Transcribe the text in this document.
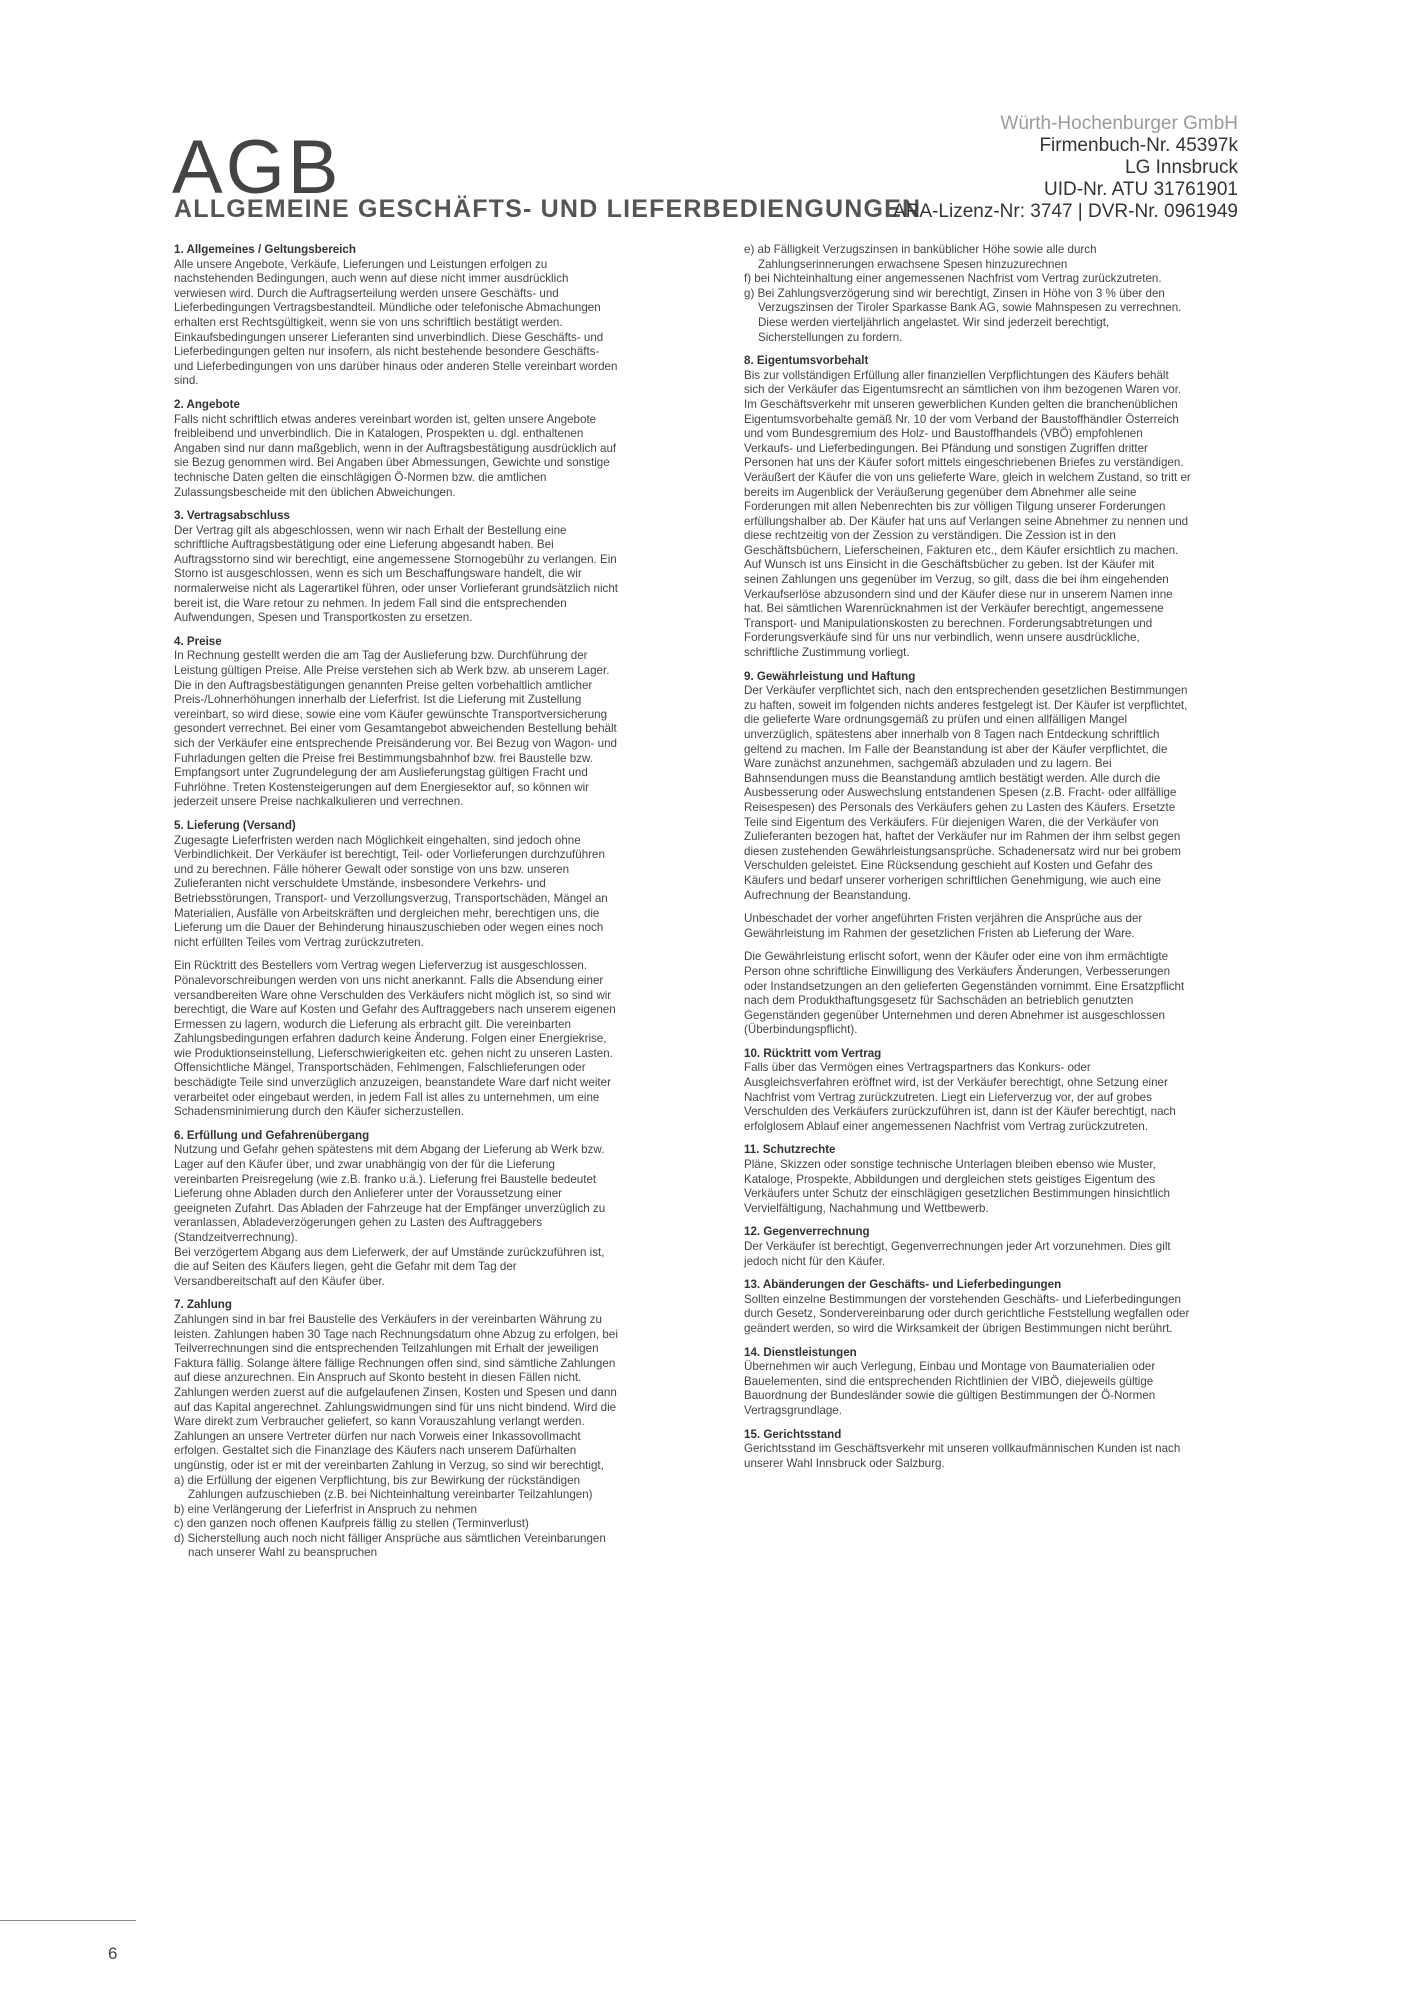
AGB
ALLGEMEINE GESCHÄFTS- UND LIEFERBEDIENGUNGEN
Würth-Hochenburger GmbH
Firmenbuch-Nr. 45397k
LG Innsbruck
UID-Nr. ATU 31761901
ARA-Lizenz-Nr: 3747 | DVR-Nr. 0961949
1. Allgemeines / Geltungsbereich

Alle unsere Angebote, Verkäufe, Lieferungen und Leistungen erfolgen zu nachstehenden Bedingungen, auch wenn auf diese nicht immer ausdrücklich verwiesen wird. Durch die Auftragserteilung werden unsere Geschäfts- und Lieferbedingungen Vertragsbestandteil. Mündliche oder telefonische Abmachungen erhalten erst Rechtsgültigkeit, wenn sie von uns schriftlich bestätigt werden. Einkaufsbedingungen unserer Lieferanten sind unverbindlich. Diese Geschäfts- und Lieferbedingungen gelten nur insofern, als nicht bestehende besondere Geschäfts- und Lieferbedingungen von uns darüber hinaus oder anderen Stelle vereinbart worden sind.

2. Angebote

Falls nicht schriftlich etwas anderes vereinbart worden ist, gelten unsere Angebote freibleibend und unverbindlich. Die in Katalogen, Prospekten u. dgl. enthaltenen Angaben sind nur dann maßgeblich, wenn in der Auftragsbestätigung ausdrücklich auf sie Bezug genommen wird. Bei Angaben über Abmessungen, Gewichte und sonstige technische Daten gelten die einschlägigen Ö-Normen bzw. die amtlichen Zulassungsbescheide mit den üblichen Abweichungen.

3. Vertragsabschluss

Der Vertrag gilt als abgeschlossen, wenn wir nach Erhalt der Bestellung eine schriftliche Auftragsbestätigung oder eine Lieferung abgesandt haben. Bei Auftragsstorno sind wir berechtigt, eine angemessene Stornogebühr zu verlangen. Ein Storno ist ausgeschlossen, wenn es sich um Beschaffungsware handelt, die wir normalerweise nicht als Lagerartikel führen, oder unser Vorlieferant grundsätzlich nicht bereit ist, die Ware retour zu nehmen. In jedem Fall sind die entsprechenden Aufwendungen, Spesen und Transportkosten zu ersetzen.

4. Preise

In Rechnung gestellt werden die am Tag der Auslieferung bzw. Durchführung der Leistung gültigen Preise. Alle Preise verstehen sich ab Werk bzw. ab unserem Lager. Die in den Auftragsbestätigungen genannten Preise gelten vorbehaltlich amtlicher Preis-/Lohnerhöhungen innerhalb der Lieferfrist. Ist die Lieferung mit Zustellung vereinbart, so wird diese, sowie eine vom Käufer gewünschte Transportversicherung gesondert verrechnet. Bei einer vom Gesamtangebot abweichenden Bestellung behält sich der Verkäufer eine entsprechende Preisänderung vor. Bei Bezug von Wagon- und Fuhrladungen gelten die Preise frei Bestimmungsbahnhof bzw. frei Baustelle bzw. Empfangsort unter Zugrundelegung der am Auslieferungstag gültigen Fracht und Fuhrlöhne. Treten Kostensteigerungen auf dem Energiesektor auf, so können wir jederzeit unsere Preise nachkalkulieren und verrechnen.

5. Lieferung (Versand)

Zugesagte Lieferfristen werden nach Möglichkeit eingehalten, sind jedoch ohne Verbindlichkeit. Der Verkäufer ist berechtigt, Teil- oder Vorlieferungen durchzuführen und zu berechnen. Fälle höherer Gewalt oder sonstige von uns bzw. unseren Zulieferanten nicht verschuldete Umstände, insbesondere Verkehrs- und Betriebsstörungen, Transport- und Verzollungsverzug, Transportschäden, Mängel an Materialien, Ausfälle von Arbeitskräften und dergleichen mehr, berechtigen uns, die Lieferung um die Dauer der Behinderung hinauszuschieben oder wegen eines noch nicht erfüllten Teiles vom Vertrag zurückzutreten.

Ein Rücktritt des Bestellers vom Vertrag wegen Lieferverzug ist ausgeschlossen. Pönalevorschreibungen werden von uns nicht anerkannt. Falls die Absendung einer versandbereiten Ware ohne Verschulden des Verkäufers nicht möglich ist, so sind wir berechtigt, die Ware auf Kosten und Gefahr des Auftraggebers nach unserem eigenen Ermessen zu lagern, wodurch die Lieferung als erbracht gilt. Die vereinbarten Zahlungsbedingungen erfahren dadurch keine Änderung. Folgen einer Energiekrise, wie Produktionseinstellung, Lieferschwierigkeiten etc. gehen nicht zu unseren Lasten. Offensichtliche Mängel, Transportschäden, Fehlmengen, Falschlieferungen oder beschädigte Teile sind unverzüglich anzuzeigen, beanstandete Ware darf nicht weiter verarbeitet oder eingebaut werden, in jedem Fall ist alles zu unternehmen, um eine Schadensminimierung durch den Käufer sicherzustellen.

6. Erfüllung und Gefahrenübergang

Nutzung und Gefahr gehen spätestens mit dem Abgang der Lieferung ab Werk bzw. Lager auf den Käufer über, und zwar unabhängig von der für die Lieferung vereinbarten Preisregelung (wie z.B. franko u.ä.). Lieferung frei Baustelle bedeutet Lieferung ohne Abladen durch den Anlieferer unter der Voraussetzung einer geeigneten Zufahrt. Das Abladen der Fahrzeuge hat der Empfänger unverzüglich zu veranlassen, Abladeverzögerungen gehen zu Lasten des Auftraggebers (Standzeitverrechnung).

Bei verzögertem Abgang aus dem Lieferwerk, der auf Umstände zurückzuführen ist, die auf Seiten des Käufers liegen, geht die Gefahr mit dem Tag der Versandbereitschaft auf den Käufer über.

7. Zahlung

Zahlungen sind in bar frei Baustelle des Verkäufers in der vereinbarten Währung zu leisten. Zahlungen haben 30 Tage nach Rechnungsdatum ohne Abzug zu erfolgen, bei Teilverrechnungen sind die entsprechenden Teilzahlungen mit Erhalt der jeweiligen Faktura fällig. Solange ältere fällige Rechnungen offen sind, sind sämtliche Zahlungen auf diese anzurechnen. Ein Anspruch auf Skonto besteht in diesen Fällen nicht. Zahlungen werden zuerst auf die aufgelaufenen Zinsen, Kosten und Spesen und dann auf das Kapital angerechnet. Zahlungswidmungen sind für uns nicht bindend. Wird die Ware direkt zum Verbraucher geliefert, so kann Vorauszahlung verlangt werden. Zahlungen an unsere Vertreter dürfen nur nach Vorweis einer Inkassovollmacht erfolgen. Gestaltet sich die Finanzlage des Käufers nach unserem Dafürhalten ungünstig, oder ist er mit der vereinbarten Zahlung in Verzug, so sind wir berechtigt,

a) die Erfüllung der eigenen Verpflichtung, bis zur Bewirkung der rückständigen Zahlungen aufzuschieben (z.B. bei Nichteinhaltung vereinbarter Teilzahlungen)
b) eine Verlängerung der Lieferfrist in Anspruch zu nehmen
c) den ganzen noch offenen Kaufpreis fällig zu stellen (Terminverlust)
d) Sicherstellung auch noch nicht fälliger Ansprüche aus sämtlichen Vereinbarungen nach unserer Wahl zu beanspruchen
e) ab Fälligkeit Verzugszinsen in banküblicher Höhe sowie alle durch Zahlungserinnerungen erwachsene Spesen hinzuzurechnen
f) bei Nichteinhaltung einer angemessenen Nachfrist vom Vertrag zurückzutreten.
g) Bei Zahlungsverzögerung sind wir berechtigt, Zinsen in Höhe von 3 % über den Verzugszinsen der Tiroler Sparkasse Bank AG, sowie Mahnspesen zu verrechnen. Diese werden vierteljährlich angelastet. Wir sind jederzeit berechtigt, Sicherstellungen zu fordern.
8. Eigentumsvorbehalt

Bis zur vollständigen Erfüllung aller finanziellen Verpflichtungen des Käufers behält sich der Verkäufer das Eigentumsrecht an sämtlichen von ihm bezogenen Waren vor. Im Geschäftsverkehr mit unseren gewerblichen Kunden gelten die branchenüblichen Eigentumsvorbehalte gemäß Nr. 10 der vom Verband der Baustoffhändler Österreich und vom Bundesgremium des Holz- und Baustoffhandels (VBÖ) empfohlenen Verkaufs- und Lieferbedingungen. Bei Pfändung und sonstigen Zugriffen dritter Personen hat uns der Käufer sofort mittels eingeschriebenen Briefes zu verständigen. Veräußert der Käufer die von uns gelieferte Ware, gleich in welchem Zustand, so tritt er bereits im Augenblick der Veräußerung gegenüber dem Abnehmer alle seine Forderungen mit allen Nebenrechten bis zur völligen Tilgung unserer Forderungen erfüllungshalber ab. Der Käufer hat uns auf Verlangen seine Abnehmer zu nennen und diese rechtzeitig von der Zession zu verständigen. Die Zession ist in den Geschäftsbüchern, Lieferscheinen, Fakturen etc., dem Käufer ersichtlich zu machen. Auf Wunsch ist uns Einsicht in die Geschäftsbücher zu geben. Ist der Käufer mit seinen Zahlungen uns gegenüber im Verzug, so gilt, dass die bei ihm eingehenden Verkaufserlöse abzusondern sind und der Käufer diese nur in unserem Namen inne hat. Bei sämtlichen Warenrücknahmen ist der Verkäufer berechtigt, angemessene Transport- und Manipulationskosten zu berechnen. Forderungsabtretungen und Forderungsverkäufe sind für uns nur verbindlich, wenn unsere ausdrückliche, schriftliche Zustimmung vorliegt.

9. Gewährleistung und Haftung

Der Verkäufer verpflichtet sich, nach den entsprechenden gesetzlichen Bestimmungen zu haften, soweit im folgenden nichts anderes festgelegt ist. Der Käufer ist verpflichtet, die gelieferte Ware ordnungsgemäß zu prüfen und einen allfälligen Mangel unverzüglich, spätestens aber innerhalb von 8 Tagen nach Entdeckung schriftlich geltend zu machen. Im Falle der Beanstandung ist aber der Käufer verpflichtet, die Ware zunächst anzunehmen, sachgemäß abzuladen und zu lagern. Bei Bahnsendungen muss die Beanstandung amtlich bestätigt werden. Alle durch die Ausbesserung oder Auswechslung entstandenen Spesen (z.B. Fracht- oder allfällige Reisespesen) des Personals des Verkäufers gehen zu Lasten des Käufers. Ersetzte Teile sind Eigentum des Verkäufers. Für diejenigen Waren, die der Verkäufer von Zulieferanten bezogen hat, haftet der Verkäufer nur im Rahmen der ihm selbst gegen diesen zustehenden Gewährleistungsansprüche. Schadenersatz wird nur bei grobem Verschulden geleistet. Eine Rücksendung geschieht auf Kosten und Gefahr des Käufers und bedarf unserer vorherigen schriftlichen Genehmigung, wie auch eine Aufrechnung der Beanstandung.

Unbeschadet der vorher angeführten Fristen verjähren die Ansprüche aus der Gewährleistung im Rahmen der gesetzlichen Fristen ab Lieferung der Ware.

Die Gewährleistung erlischt sofort, wenn der Käufer oder eine von ihm ermächtigte Person ohne schriftliche Einwilligung des Verkäufers Änderungen, Verbesserungen oder Instandsetzungen an den gelieferten Gegenständen vornimmt. Eine Ersatzpflicht nach dem Produkthaftungsgesetz für Sachschäden an betrieblich genutzten Gegenständen gegenüber Unternehmen und deren Abnehmer ist ausgeschlossen (Überbindungspflicht).

10. Rücktritt vom Vertrag

Falls über das Vermögen eines Vertragspartners das Konkurs- oder Ausgleichsverfahren eröffnet wird, ist der Verkäufer berechtigt, ohne Setzung einer Nachfrist vom Vertrag zurückzutreten. Liegt ein Lieferverzug vor, der auf grobes Verschulden des Verkäufers zurückzuführen ist, dann ist der Käufer berechtigt, nach erfolglosem Ablauf einer angemessenen Nachfrist vom Vertrag zurückzutreten.

11. Schutzrechte

Pläne, Skizzen oder sonstige technische Unterlagen bleiben ebenso wie Muster, Kataloge, Prospekte, Abbildungen und dergleichen stets geistiges Eigentum des Verkäufers unter Schutz der einschlägigen gesetzlichen Bestimmungen hinsichtlich Vervielfältigung, Nachahmung und Wettbewerb.

12. Gegenverrechnung

Der Verkäufer ist berechtigt, Gegenverrechnungen jeder Art vorzunehmen. Dies gilt jedoch nicht für den Käufer.

13. Abänderungen der Geschäfts- und Lieferbedingungen

Sollten einzelne Bestimmungen der vorstehenden Geschäfts- und Lieferbedingungen durch Gesetz, Sondervereinbarung oder durch gerichtliche Feststellung wegfallen oder geändert werden, so wird die Wirksamkeit der übrigen Bestimmungen nicht berührt.

14. Dienstleistungen

Übernehmen wir auch Verlegung, Einbau und Montage von Baumaterialien oder Bauelementen, sind die entsprechenden Richtlinien der VIBÖ, diejeweils gültige Bauordnung der Bundesländer sowie die gültigen Bestimmungen der Ö-Normen Vertragsgrundlage.

15. Gerichtsstand

Gerichtsstand im Geschäftsverkehr mit unseren vollkaufmännischen Kunden ist nach unserer Wahl Innsbruck oder Salzburg.

6
